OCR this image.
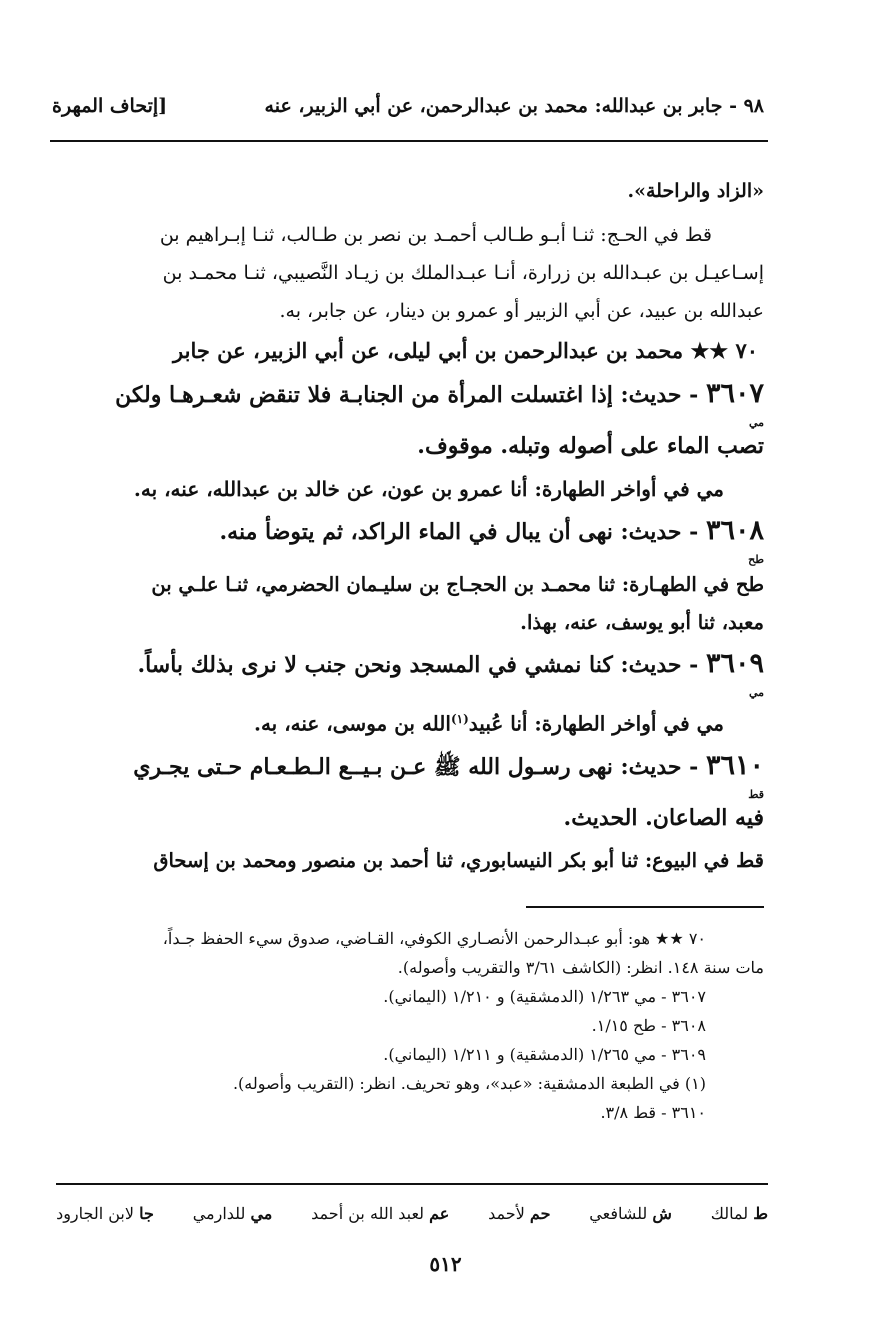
٩٨ - جابر بن عبدالله: محمد بن عبدالرحمن، عن أبي الزبير، عنه
[إتحاف المهرة
«الزاد والراحلة».
قط في الحـج: ثنـا أبـو طـالب أحمـد بن نصر بن طـالب، ثنـا إبـراهيم بن
إسـاعيـل بن عبـدالله بن زرارة، أنـا عبـدالملك بن زيـاد النَّصيبي، ثنـا محمـد بن
عبدالله بن عبيد، عن أبي الزبير أو عمرو بن دينار، عن جابر، به.
٧٠ ★★ محمد بن عبدالرحمن بن أبي ليلى، عن أبي الزبير، عن جابر
٣٦٠٧ - حديث: إذا اغتسلت المرأة من الجنابـة فلا تنقض شعـرهـا ولكن
مي
تصب الماء على أصوله وتبله. موقوف.
مي في أواخر الطهارة: أنا عمرو بن عون، عن خالد بن عبدالله، عنه، به.
٣٦٠٨ - حديث: نهى أن يبال في الماء الراكد، ثم يتوضأ منه.
طح
طح في الطهـارة: ثنا محمـد بن الحجـاج بن سليـمان الحضرمي، ثنـا علـي بن
معبد، ثنا أبو يوسف، عنه، بهذا.
٣٦٠٩ - حديث: كنا نمشي في المسجد ونحن جنب لا نرى بذلك بأساً.
مي
مي في أواخر الطهارة: أنا عُبيد$^{(١)}$الله بن موسى، عنه، به.
٣٦١٠ - حديث: نهى رسـول الله ﷺ عـن بـيــع الـطـعـام حـتى يجـري
قط
فيه الصاعان. الحديث.
قط في البيوع: ثنا أبو بكر النيسابوري، ثنا أحمد بن منصور ومحمد بن إسحاق
٧٠ ★★ هو: أبو عبـدالرحمن الأنصـاري الكوفي، القـاضي، صدوق سيء الحفظ جـداً،
مات سنة ١٤٨. انظر: (الكاشف ٣/٦١ والتقريب وأصوله).
٣٦٠٧ - مي ١/٢٦٣ (الدمشقية) و ١/٢١٠ (اليماني).
٣٦٠٨ - طح ١/١٥.
٣٦٠٩ - مي ١/٢٦٥ (الدمشقية) و ١/٢١١ (اليماني).
(١) في الطبعة الدمشقية: «عبد»، وهو تحريف. انظر: (التقريب وأصوله).
٣٦١٠ - قط ٣/٨.
ط لمالك
ش للشافعي
حم لأحمد
عم لعبد الله بن أحمد
مي للدارمي
جا لابن الجارود
٥١٢
